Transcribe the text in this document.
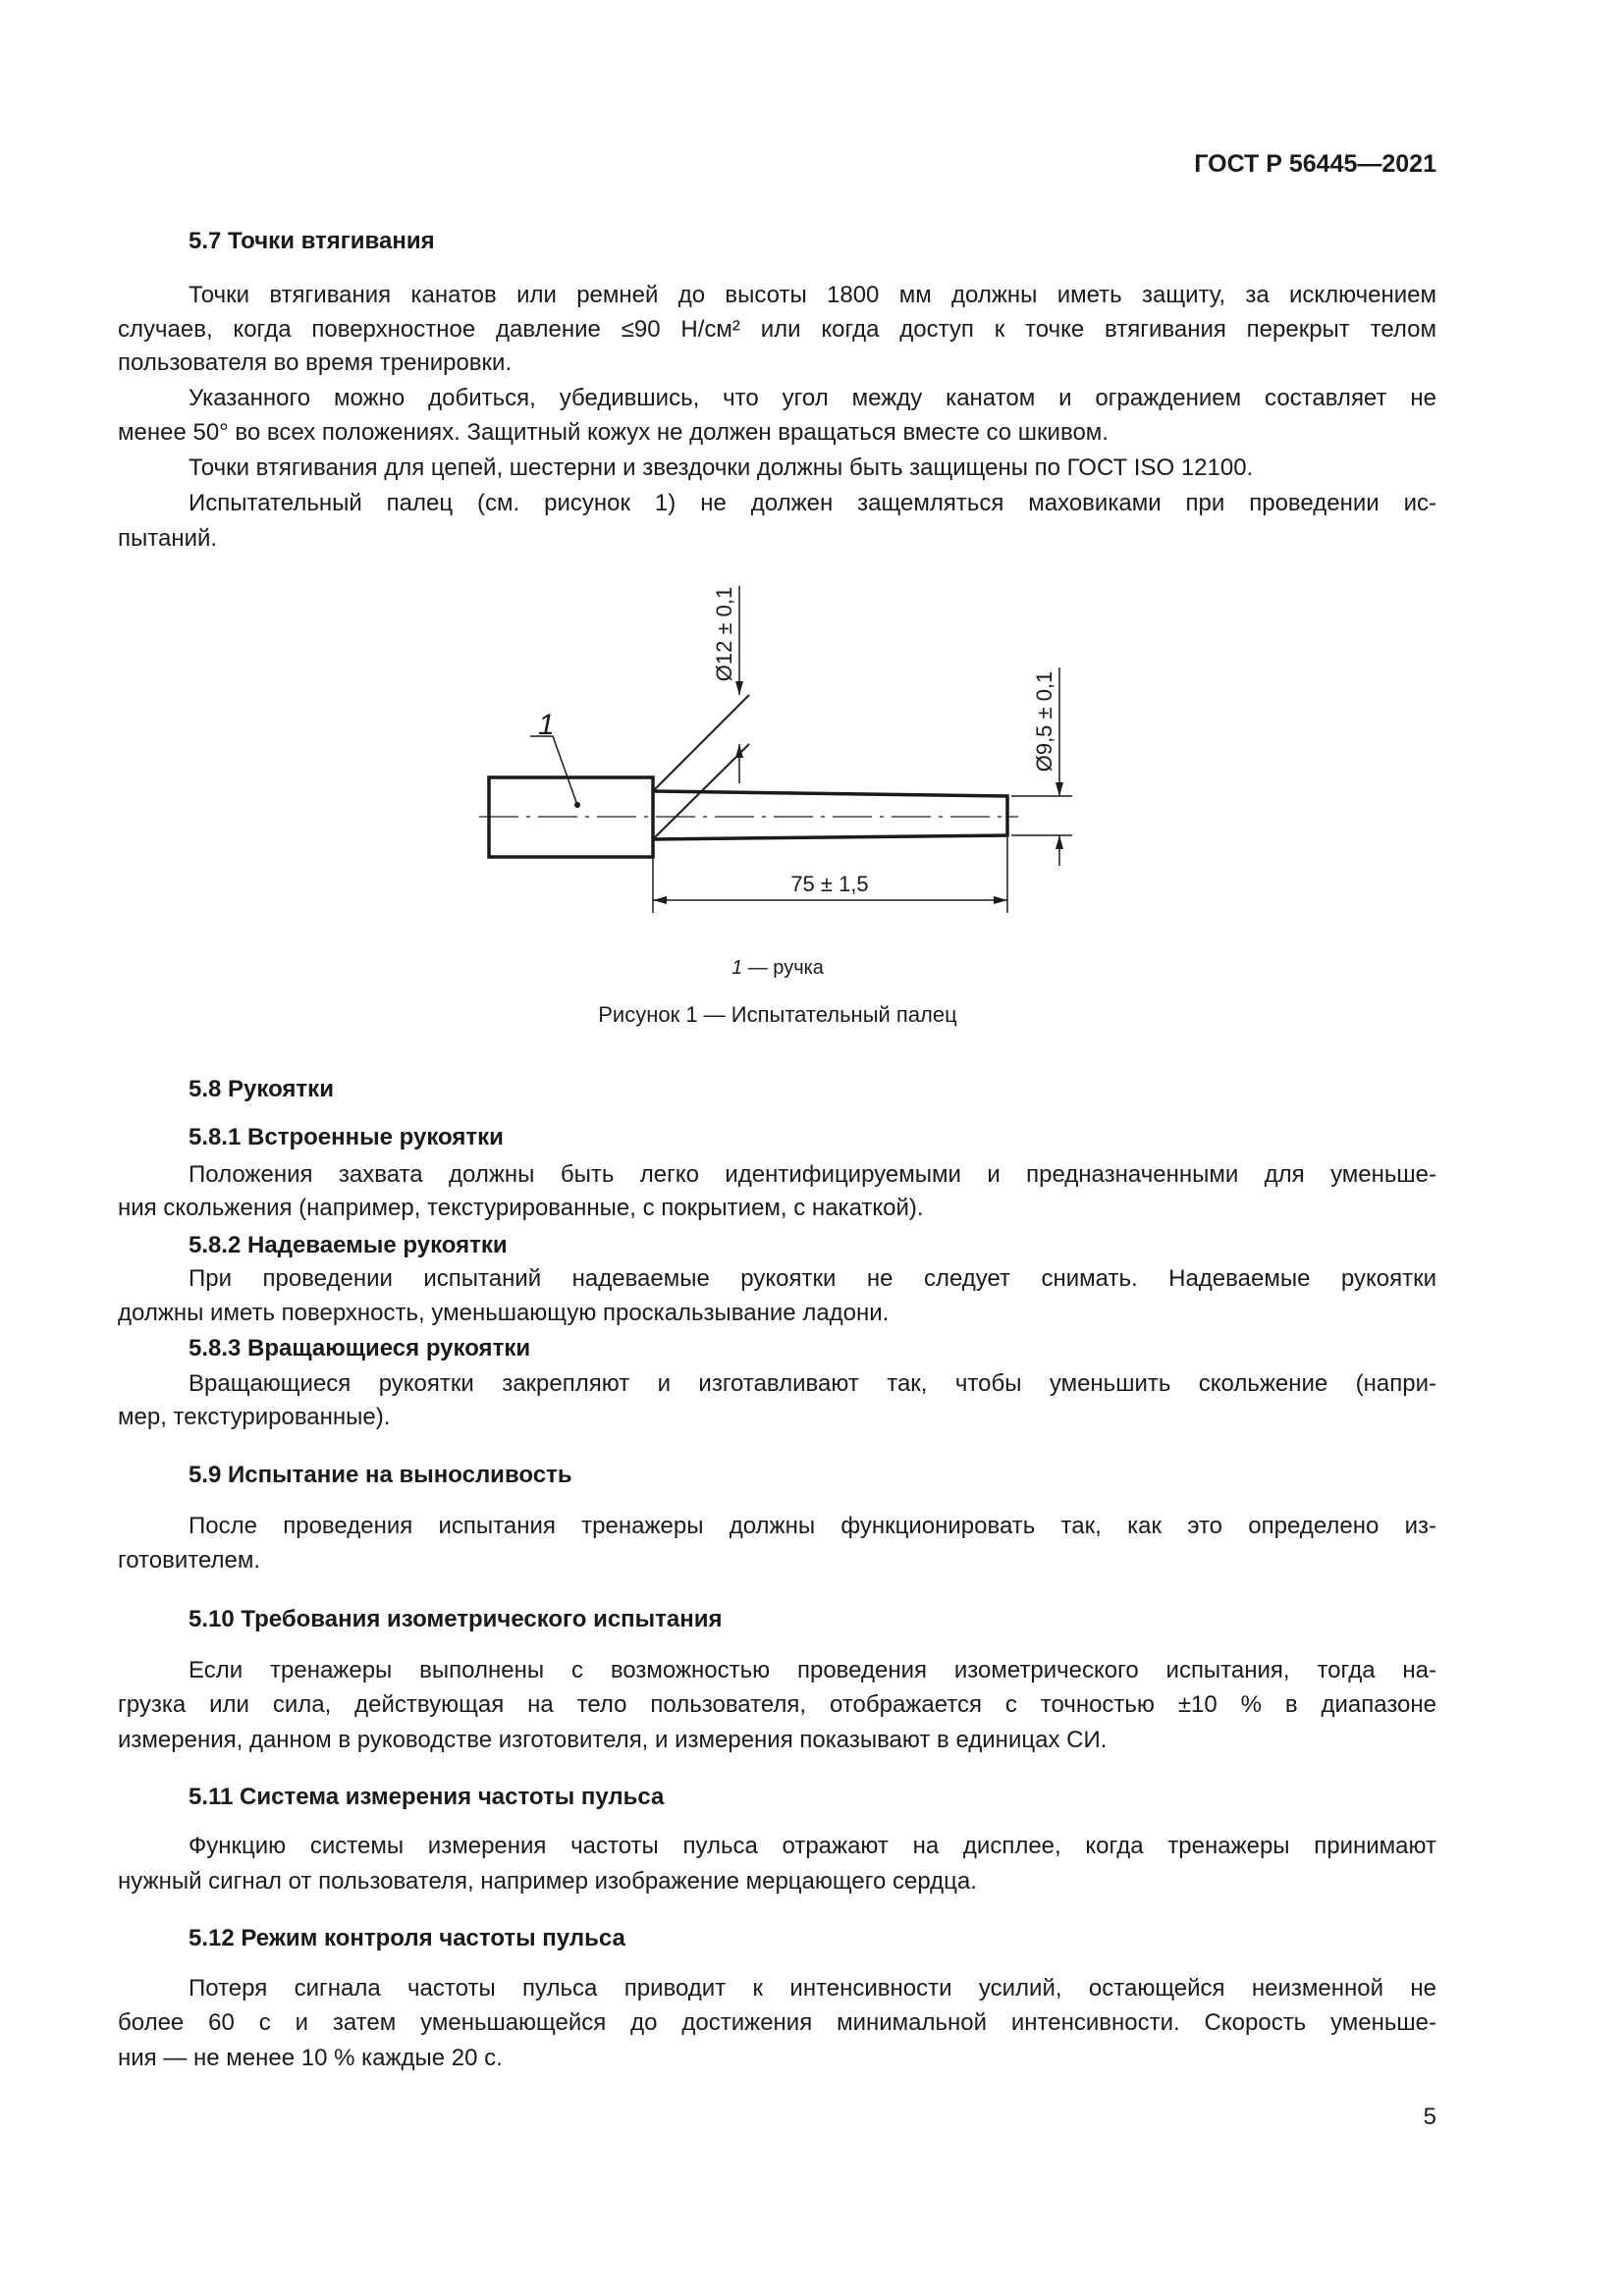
ГОСТ Р 56445—2021
5.7 Точки втягивания
Точки втягивания канатов или ремней до высоты 1800 мм должны иметь защиту, за исключением
случаев, когда поверхностное давление ≤90 Н/см² или когда доступ к точке втягивания перекрыт телом
пользователя во время тренировки.
Указанного можно добиться, убедившись, что угол между канатом и ограждением составляет не
менее 50° во всех положениях. Защитный кожух не должен вращаться вместе со шкивом.
Точки втягивания для цепей, шестерни и звездочки должны быть защищены по ГОСТ ISO 12100.
Испытательный палец (см. рисунок 1) не должен защемляться маховиками при проведении ис-
пытаний.
5.8 Рукоятки
5.8.1 Встроенные рукоятки
Положения захвата должны быть легко идентифицируемыми и предназначенными для уменьше-
ния скольжения (например, текстурированные, с покрытием, с накаткой).
5.8.2 Надеваемые рукоятки
При проведении испытаний надеваемые рукоятки не следует снимать. Надеваемые рукоятки
должны иметь поверхность, уменьшающую проскальзывание ладони.
5.8.3 Вращающиеся рукоятки
Вращающиеся рукоятки закрепляют и изготавливают так, чтобы уменьшить скольжение (напри-
мер, текстурированные).
5.9 Испытание на выносливость
После проведения испытания тренажеры должны функционировать так, как это определено из-
готовителем.
5.10 Требования изометрического испытания
Если тренажеры выполнены с возможностью проведения изометрического испытания, тогда на-
грузка или сила, действующая на тело пользователя, отображается с точностью ±10 % в диапазоне
измерения, данном в руководстве изготовителя, и измерения показывают в единицах СИ.
5.11 Система измерения частоты пульса
Функцию системы измерения частоты пульса отражают на дисплее, когда тренажеры принимают
нужный сигнал от пользователя, например изображение мерцающего сердца.
5.12 Режим контроля частоты пульса
Потеря сигнала частоты пульса приводит к интенсивности усилий, остающейся неизменной не
более 60 с и затем уменьшающейся до достижения минимальной интенсивности. Скорость уменьше-
ния — не менее 10 % каждые 20 с.
1
Ø12 ± 0,1
Ø9,5 ± 0,1
75 ± 1,5
1 — ручка
Рисунок 1 — Испытательный палец
5
